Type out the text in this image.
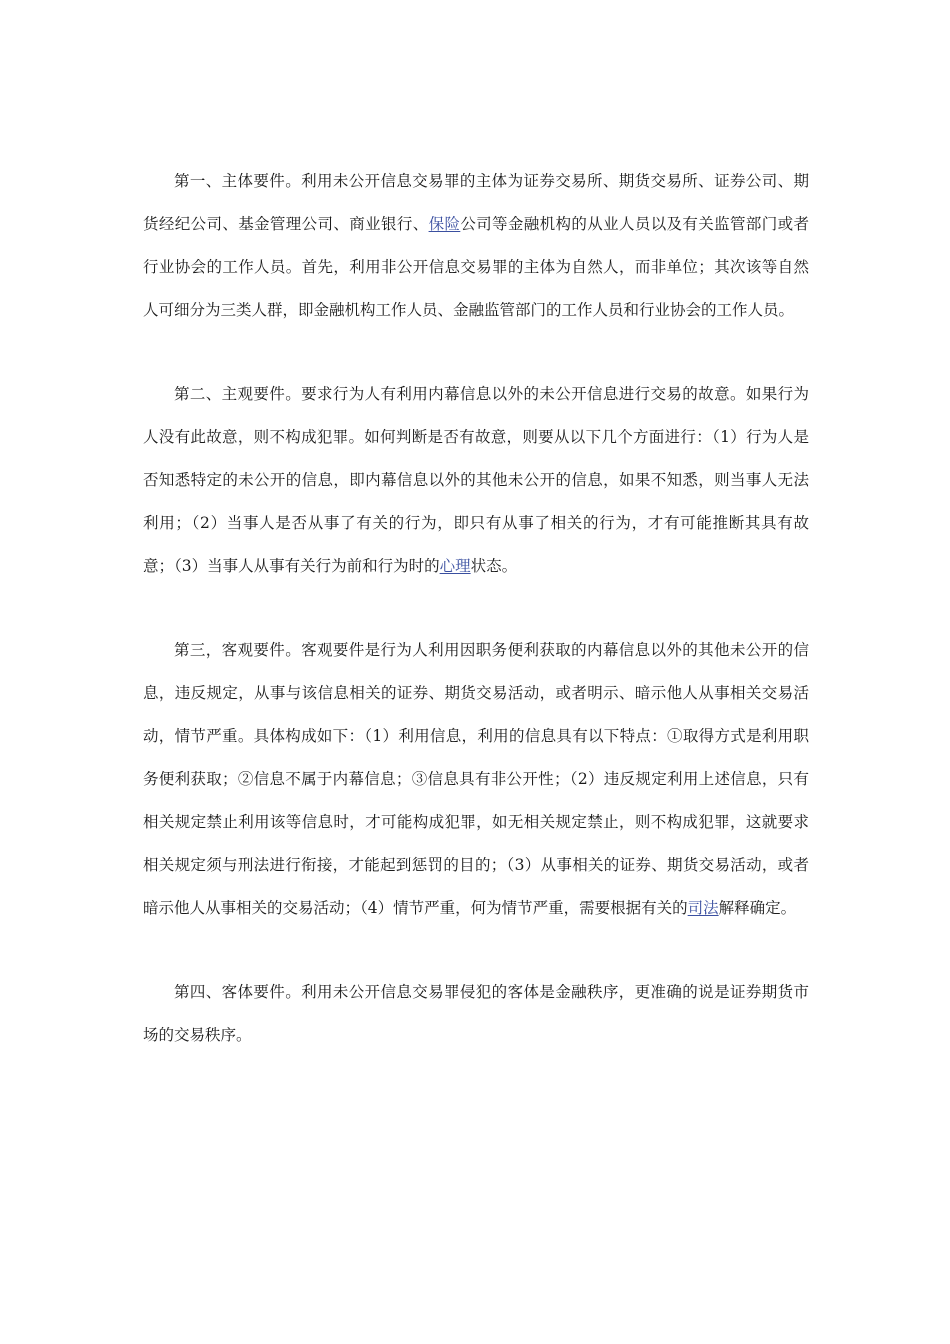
第一、主体要件。利用未公开信息交易罪的主体为证券交易所、期货交易所、证券公司、期货经纪公司、基金管理公司、商业银行、保险公司等金融机构的从业人员以及有关监管部门或者行业协会的工作人员。首先，利用非公开信息交易罪的主体为自然人，而非单位；其次该等自然人可细分为三类人群，即金融机构工作人员、金融监管部门的工作人员和行业协会的工作人员。

第二、主观要件。要求行为人有利用内幕信息以外的未公开信息进行交易的故意。如果行为人没有此故意，则不构成犯罪。如何判断是否有故意，则要从以下几个方面进行：（1）行为人是否知悉特定的未公开的信息，即内幕信息以外的其他未公开的信息，如果不知悉，则当事人无法利用；（2）当事人是否从事了有关的行为，即只有从事了相关的行为，才有可能推断其具有故意；（3）当事人从事有关行为前和行为时的心理状态。

第三，客观要件。客观要件是行为人利用因职务便利获取的内幕信息以外的其他未公开的信息，违反规定，从事与该信息相关的证券、期货交易活动，或者明示、暗示他人从事相关交易活动，情节严重。具体构成如下：（1）利用信息，利用的信息具有以下特点：①取得方式是利用职务便利获取；②信息不属于内幕信息；③信息具有非公开性；（2）违反规定利用上述信息，只有相关规定禁止利用该等信息时，才可能构成犯罪，如无相关规定禁止，则不构成犯罪，这就要求相关规定须与刑法进行衔接，才能起到惩罚的目的；（3）从事相关的证券、期货交易活动，或者暗示他人从事相关的交易活动；（4）情节严重，何为情节严重，需要根据有关的司法解释确定。

第四、客体要件。利用未公开信息交易罪侵犯的客体是金融秩序，更准确的说是证券期货市场的交易秩序。
